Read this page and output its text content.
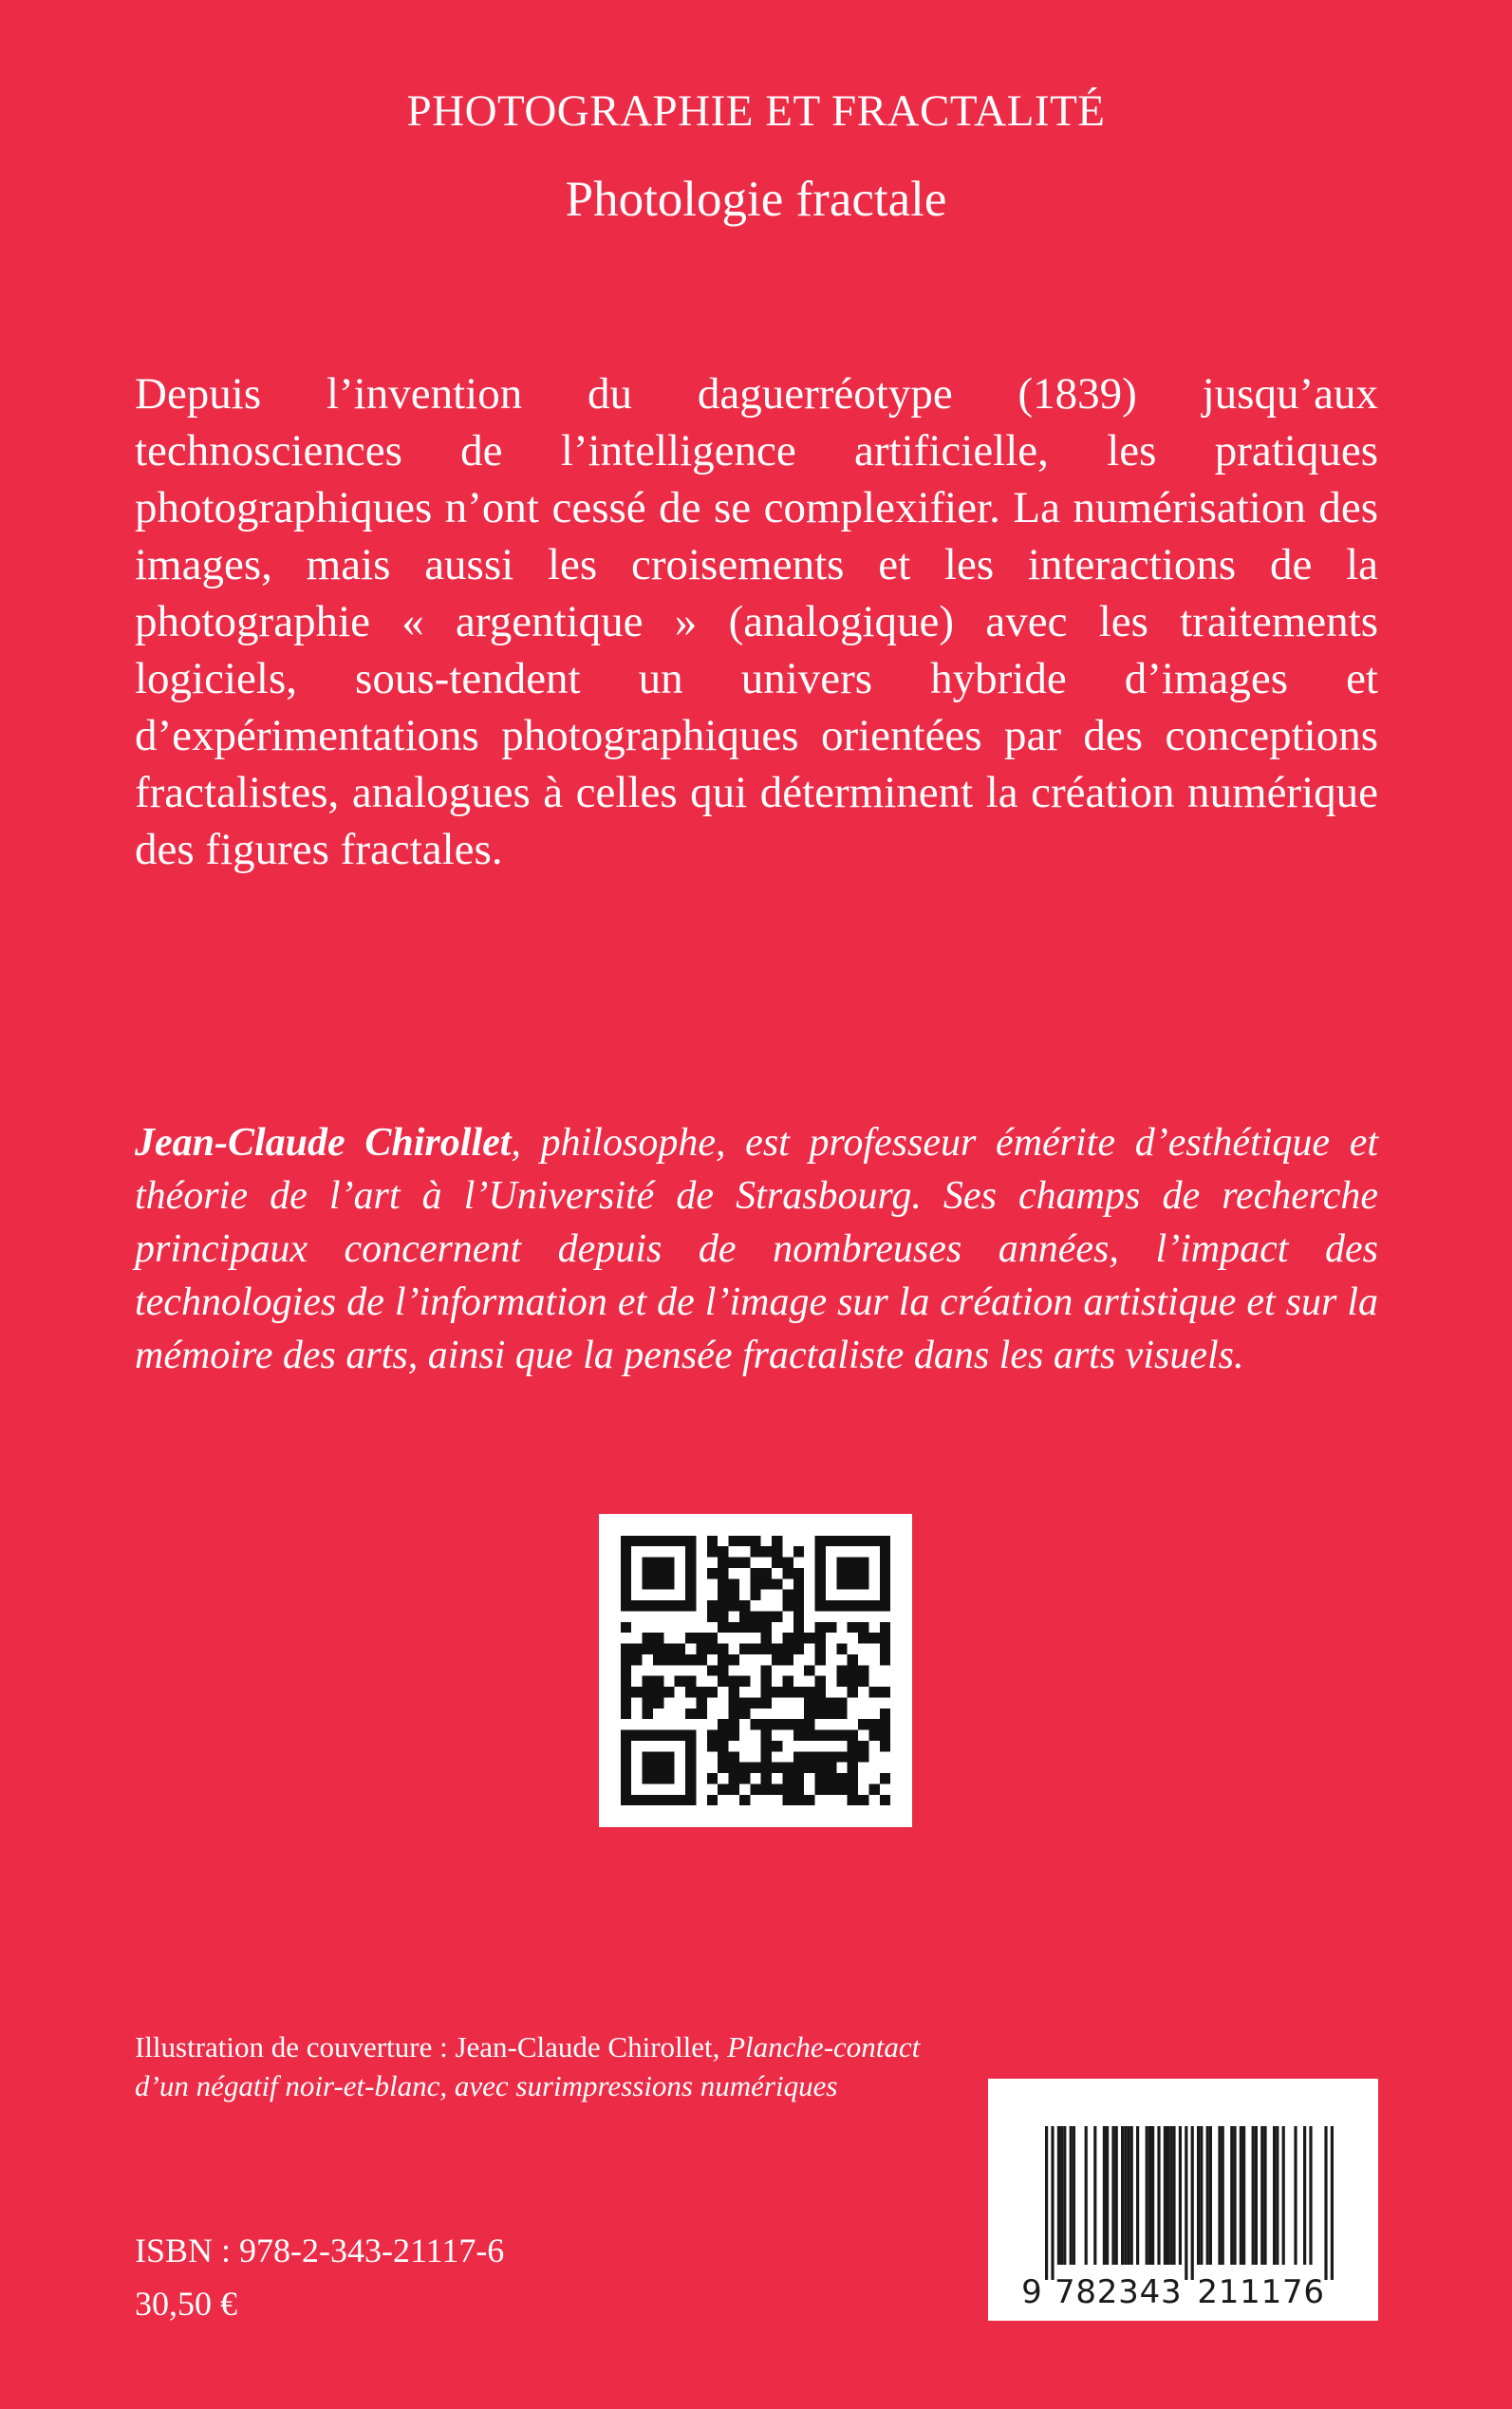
PHOTOGRAPHIE ET FRACTALITÉ
Photologie fractale

Depuis l’invention du daguerréotype (1839) jusqu’aux technosciences de l’intelligence artificielle, les pratiques photographiques n’ont cessé de se complexifier. La numérisation des images, mais aussi les croisements et les interactions de la photographie « argentique » (analogique) avec les traitements logiciels, sous-tendent un univers hybride d’images et d’expérimentations photographiques orientées par des conceptions fractalistes, analogues à celles qui déterminent la création numérique des figures fractales.

Jean-Claude Chirollet, philosophe, est professeur émérite d’esthétique et théorie de l’art à l’Université de Strasbourg. Ses champs de recherche principaux concernent depuis de nombreuses années, l’impact des technologies de l’information et de l’image sur la création artistique et sur la mémoire des arts, ainsi que la pensée fractaliste dans les arts visuels.

Illustration de couverture : Jean-Claude Chirollet, Planche-contact d’un négatif noir-et-blanc, avec surimpressions numériques

ISBN : 978-2-343-21117-6
30,50 €	9 7 8 2 3 4 3 2 1 1 1 7 6
